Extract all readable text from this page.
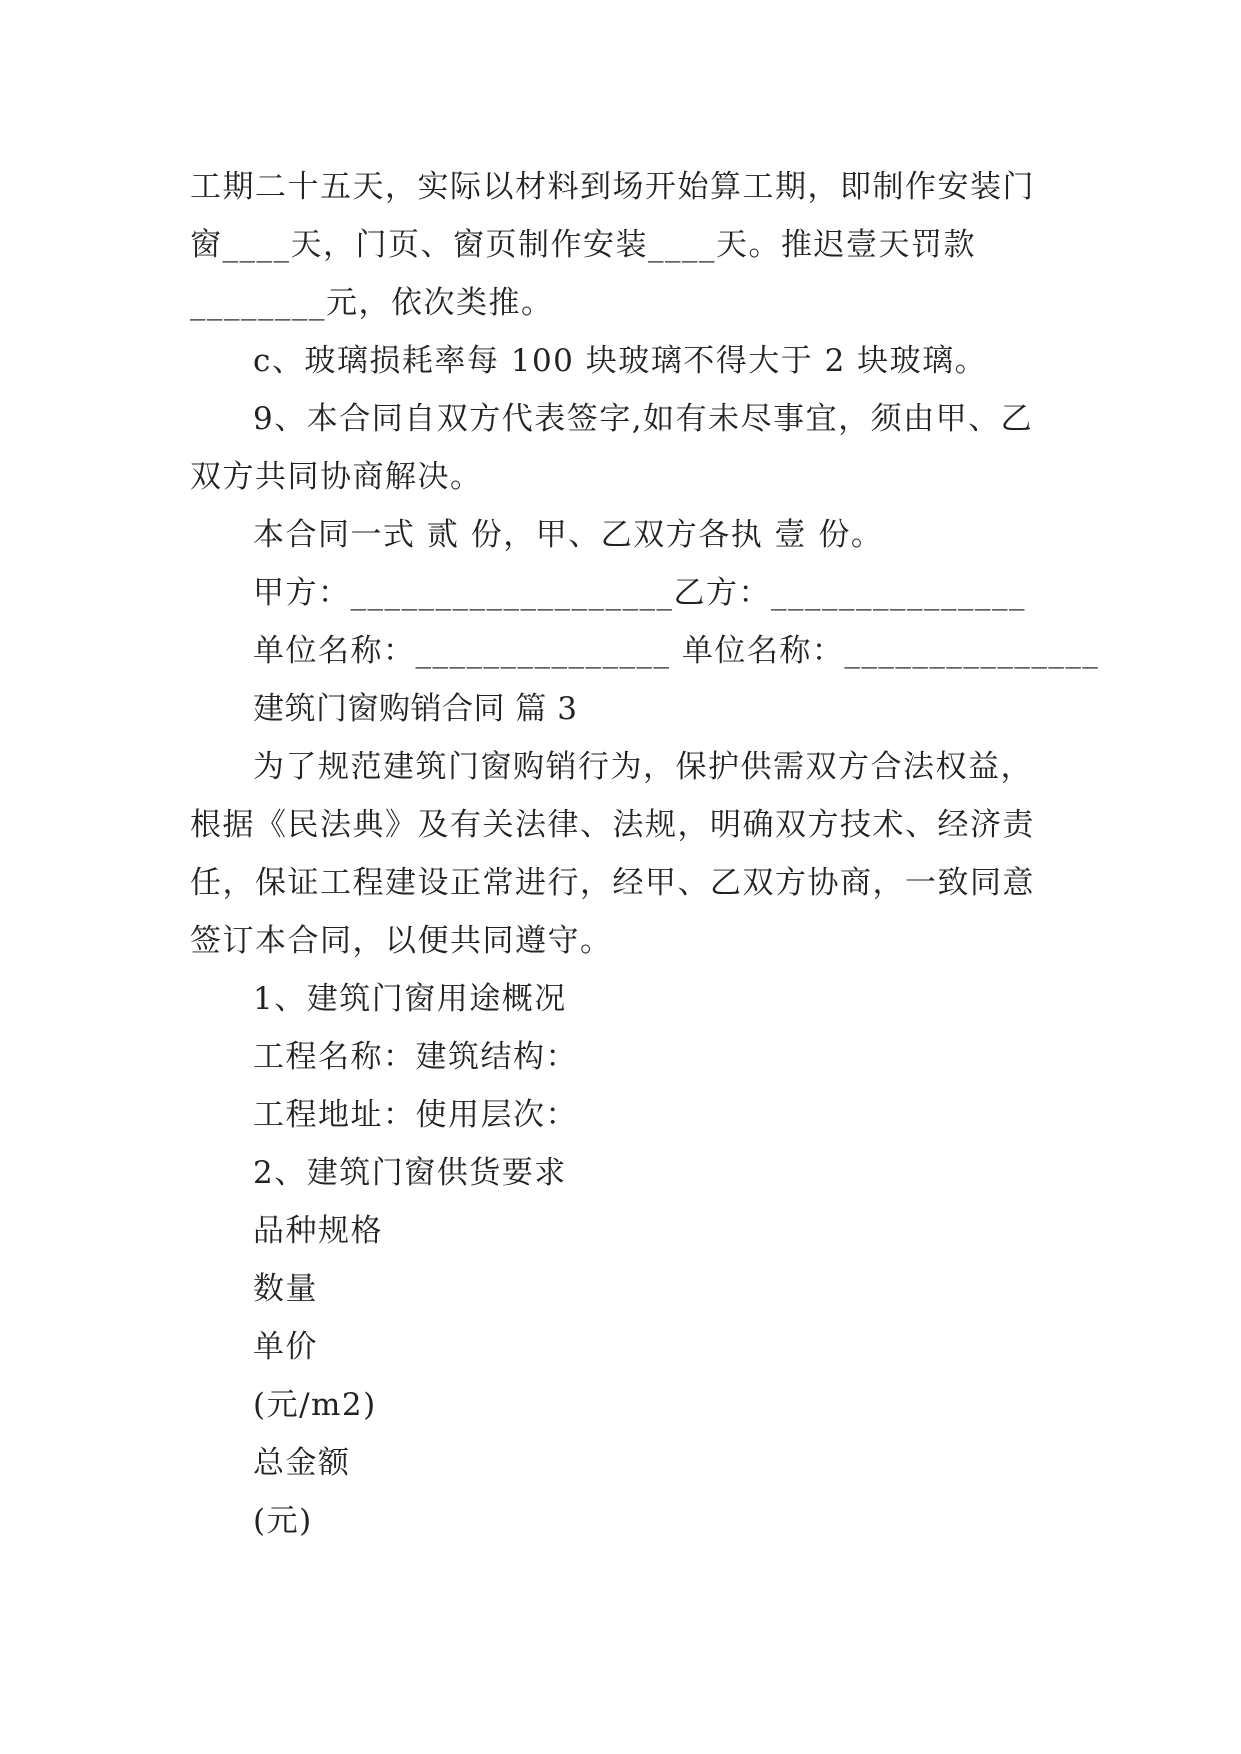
工期二十五天，实际以材料到场开始算工期，即制作安装门
窗____天，门页、窗页制作安装____天。推迟壹天罚款
________元，依次类推。
c、玻璃损耗率每 100 块玻璃不得大于 2 块玻璃。
9、本合同自双方代表签字,如有未尽事宜，须由甲、乙
双方共同协商解决。
本合同一式 贰 份，甲、乙双方各执 壹 份。
甲方：___________________乙方：_______________
单位名称：_______________ 单位名称：_______________
建筑门窗购销合同 篇 3
为了规范建筑门窗购销行为，保护供需双方合法权益，
根据《民法典》及有关法律、法规，明确双方技术、经济责
任，保证工程建设正常进行，经甲、乙双方协商，一致同意
签订本合同，以便共同遵守。
1、建筑门窗用途概况
工程名称：建筑结构：
工程地址：使用层次：
2、建筑门窗供货要求
品种规格
数量
单价
(元/m2)
总金额
(元)
